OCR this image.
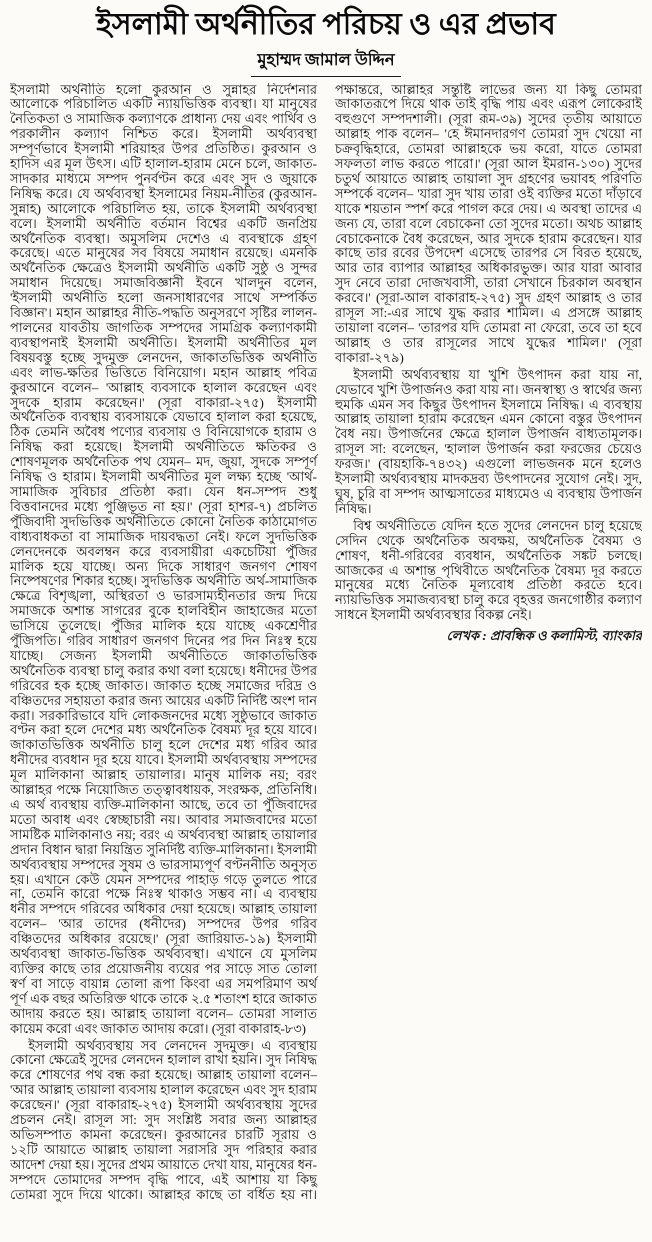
ইসলামী অর্থনীতির পরিচয় ও এর প্রভাব
মুহাম্মদ জামাল উদ্দিন

ইসলামী অর্থনীতি হলো কুরআন ও সুন্নাহর নির্দেশনার আলোকে পরিচালিত একটি ন্যায়ভিত্তিক ব্যবস্থা। যা মানুষের নৈতিকতা ও সামাজিক কল্যাণকে প্রাধান্য দেয় এবং পার্থিব ও পরকালীন কল্যাণ নিশ্চিত করে। ইসলামী অর্থব্যবস্থা সম্পূর্ণভাবে ইসলামী শরিয়াহর উপর প্রতিষ্ঠিত। কুরআন ও হাদিস এর মূল উৎস। এটি হালাল-হারাম মেনে চলে, জাকাত-সাদকার মাধ্যমে সম্পদ পুনর্বণ্টন করে এবং সুদ ও জুয়াকে নিষিদ্ধ করে। যে অর্থব্যবস্থা ইসলামের নিয়ম-নীতির (কুরআন-সুন্নাহ) আলোকে পরিচালিত হয়, তাকে ইসলামী অর্থব্যবস্থা বলে। ইসলামী অর্থনীতি বর্তমান বিশ্বের একটি জনপ্রিয় অর্থনৈতিক ব্যবস্থা। অমুসলিম দেশেও এ ব্যবস্থাকে গ্রহণ করেছে। এতে মানুষের সব বিষয়ে সমাধান রয়েছে। এমনকি অর্থনৈতিক ক্ষেত্রেও ইসলামী অর্থনীতি একটি সুষ্ঠু ও সুন্দর সমাধান দিয়েছে। সমাজবিজ্ঞানী ইবনে খালদুন বলেন, 'ইসলামী অর্থনীতি হলো জনসাধারণের সাথে সম্পর্কিত বিজ্ঞান'। মহান আল্লাহর নীতি-পদ্ধতি অনুসরণে সৃষ্টির লালন-পালনের যাবতীয় জাগতিক সম্পদের সামগ্রিক কল্যাণকামী ব্যবস্থাপনাই ইসলামী অর্থনীতি। ইসলামী অর্থনীতির মূল বিষয়বস্তু হচ্ছে সুদমুক্ত লেনদেন, জাকাতভিত্তিক অর্থনীতি এবং লাভ-ক্ষতির ভিত্তিতে বিনিয়োগ। মহান আল্লাহ পবিত্র কুরআনে বলেন– 'আল্লাহ ব্যবসাকে হালাল করেছেন এবং সুদকে হারাম করেছেন।' (সূরা বাকারা-২৭৫) ইসলামী অর্থনৈতিক ব্যবস্থায় ব্যবসায়কে যেভাবে হালাল করা হয়েছে, ঠিক তেমনি অবৈধ পণ্যের ব্যবসায় ও বিনিয়োগকে হারাম ও নিষিদ্ধ করা হয়েছে। ইসলামী অর্থনীতিতে ক্ষতিকর ও শোষণমূলক অর্থনৈতিক পথ যেমন– মদ, জুয়া, সুদকে সম্পূর্ণ নিষিদ্ধ ও হারাম। ইসলামী অর্থনীতির মূল লক্ষ্য হচ্ছে 'আর্থ-সামাজিক সুবিচার প্রতিষ্ঠা করা। যেন ধন-সম্পদ শুধু বিত্তবানদের মধ্যে পুঞ্জিভূত না হয়।' (সূরা হাশর-৭) প্রচলিত পুঁজিবাদী সুদভিত্তিক অর্থনীতিতে কোনো নৈতিক কাঠামোগত বাধ্যবাধকতা বা সামাজিক দায়বদ্ধতা নেই। ফলে সুদভিত্তিক লেনদেনকে অবলম্বন করে ব্যবসায়ীরা একচেটিয়া পুঁজির মালিক হয়ে যাচ্ছে। অন্য দিকে সাধারণ জনগণ শোষণ নিষ্পেষণের শিকার হচ্ছে। সুদভিত্তিক অর্থনীতি অর্থ-সামাজিক ক্ষেত্রে বিশৃঙ্খলা, অস্থিরতা ও ভারসাম্যহীনতার জন্ম দিয়ে সমাজকে অশান্ত সাগরের বুকে হালবিহীন জাহাজের মতো ভাসিয়ে তুলেছে। পুঁজির মালিক হয়ে যাচ্ছে একশ্রেণীর পুঁজিপতি। গরিব সাধারণ জনগণ দিনের পর দিন নিঃস্ব হয়ে যাচ্ছে। সেজন্য ইসলামী অর্থনীতিতে জাকাতভিত্তিক অর্থনৈতিক ব্যবস্থা চালু করার কথা বলা হয়েছে। ধনীদের উপর গরিবের হক হচ্ছে জাকাত। জাকাত হচ্ছে সমাজের দরিদ্র ও বঞ্চিতদের সহায়তা করার জন্য আয়ের একটি নির্দিষ্ট অংশ দান করা। সরকারিভাবে যদি লোকজনদের মধ্যে সুষ্ঠুভাবে জাকাত বণ্টন করা হলে দেশের মধ্য অর্থনৈতিক বৈষম্য দূর হয়ে যাবে। জাকাতভিত্তিক অর্থনীতি চালু হলে দেশের মধ্য গরিব আর ধনীদের ব্যবধান দূর হয়ে যাবে। ইসলামী অর্থব্যবস্থায় সম্পদের মূল মালিকানা আল্লাহ তায়ালার। মানুষ মালিক নয়; বরং আল্লাহর পক্ষে নিয়োজিত তত্ত্বাবধায়ক, সংরক্ষক, প্রতিনিধি। এ অর্থ ব্যবস্থায় ব্যক্তি-মালিকানা আছে, তবে তা পুঁজিবাদের মতো অবাধ এবং স্বেচ্ছাচারী নয়। আবার সমাজবাদের মতো সামষ্টিক মালিকানাও নয়; বরং এ অর্থব্যবস্থা আল্লাহ তায়ালার প্রদান বিধান দ্বারা নিয়ন্ত্রিত সুনির্দিষ্ট ব্যক্তি-মালিকানা। ইসলামী অর্থব্যবস্থায় সম্পদের সুষম ও ভারসাম্যপূর্ণ বণ্টননীতি অনুসৃত হয়। এখানে কেউ যেমন সম্পদের পাহাড় গড়ে তুলতে পারে না, তেমনি কারো পক্ষে নিঃস্ব থাকাও সম্ভব না। এ ব্যবস্থায় ধনীর সম্পদে গরিবের অধিকার দেয়া হয়েছে। আল্লাহ তায়ালা বলেন– 'আর তাদের (ধনীদের) সম্পদের উপর গরিব বঞ্চিতদের অধিকার রয়েছে।' (সূরা জারিয়াত-১৯) ইসলামী অর্থব্যবস্থা জাকাত-ভিত্তিক অর্থব্যবস্থা। এখানে যে মুসলিম ব্যক্তির কাছে তার প্রয়োজনীয় ব্যয়ের পর সাড়ে সাত তোলা স্বর্ণ বা সাড়ে বায়ান্ন তোলা রূপা কিংবা এর সমপরিমাণ অর্থ পূর্ণ এক বছর অতিরিক্ত থাকে তাকে ২.৫ শতাংশ হারে জাকাত আদায় করতে হয়। আল্লাহ তায়ালা বলেন– তোমরা সালাত কায়েম করো এবং জাকাত আদায় করো। (সূরা বাকারাহ-৮৩)

ইসলামী অর্থব্যবস্থায় সব লেনদেন সুদমুক্ত। এ ব্যবস্থায় কোনো ক্ষেত্রেই সুদের লেনদেন হালাল রাখা হয়নি। সুদ নিষিদ্ধ করে শোষণের পথ বন্ধ করা হয়েছে। আল্লাহ তায়ালা বলেন– 'আর আল্লাহ তায়ালা ব্যবসায় হালাল করেছেন এবং সুদ হারাম করেছেন।' (সূরা বাকারাহ-২৭৫) ইসলামী অর্থব্যবস্থায় সুদের প্রচলন নেই। রাসূল সা: সুদ সংশ্লিষ্ট সবার জন্য আল্লাহর অভিসম্পাত কামনা করেছেন। কুরআনের চারটি সূরায় ও ১২টি আয়াতে আল্লাহ তায়ালা সরাসরি সুদ পরিহার করার আদেশ দেয়া হয়। সুদের প্রথম আয়াতে দেখা যায়, মানুষের ধন-সম্পদে তোমাদের সম্পদ বৃদ্ধি পাবে, এই আশায় যা কিছু তোমরা সুদে দিয়ে থাকো। আল্লাহর কাছে তা বর্ধিত হয় না। পক্ষান্তরে, আল্লাহর সন্তুষ্টি লাভের জন্য যা কিছু তোমরা জাকাতরূপে দিয়ে থাক তাই বৃদ্ধি পায় এবং এরূপ লোকেরাই বহুগুণে সম্পদশালী। (সূরা রূম-৩৯) সুদের তৃতীয় আয়াতে আল্লাহ পাক বলেন– 'হে ঈমানদারগণ তোমরা সুদ খেয়ো না চক্রবৃদ্ধিহারে, তোমরা আল্লাহকে ভয় করো, যাতে তোমরা সফলতা লাভ করতে পারো।' (সূরা আল ইমরান-১৩০) সুদের চতুর্থ আয়াতে আল্লাহ তায়ালা সুদ গ্রহণের ভয়াবহ পরিণতি সম্পর্কে বলেন– 'যারা সুদ খায় তারা ওই ব্যক্তির মতো দাঁড়াবে যাকে শয়তান স্পর্শ করে পাগল করে দেয়। এ অবস্থা তাদের এ জন্য যে, তারা বলে বেচাকেনা তো সুদের মতো। অথচ আল্লাহ বেচাকেনাকে বৈধ করেছেন, আর সুদকে হারাম করেছেন। যার কাছে তার রবের উপদেশ এসেছে তারপর সে বিরত হয়েছে, আর তার ব্যাপার আল্লাহর অধিকারভুক্ত। আর যারা আবার সুদ নেবে তারা দোজখবাসী, তারা সেখানে চিরকাল অবস্থান করবে।' (সূরা-আল বাকারাহ-২৭৫) সুদ গ্রহণ আল্লাহ ও তার রাসূল সা:-এর সাথে যুদ্ধ করার শামিল। এ প্রসঙ্গে আল্লাহ তায়ালা বলেন– 'তারপর যদি তোমরা না ফেরো, তবে তা হবে আল্লাহ ও তার রাসূলের সাথে যুদ্ধের শামিল।' (সূরা বাকারা-২৭৯)

ইসলামী অর্থব্যবস্থায় যা খুশি উৎপাদন করা যায় না, যেভাবে খুশি উপার্জনও করা যায় না। জনস্বাস্থ্য ও স্বার্থের জন্য হুমকি এমন সব কিছুর উৎপাদন ইসলামে নিষিদ্ধ। এ ব্যবস্থায় আল্লাহ তায়ালা হারাম করেছেন এমন কোনো বস্তুর উৎপাদন বৈধ নয়। উপার্জনের ক্ষেত্রে হালাল উপার্জন বাধ্যতামূলক। রাসূল সা: বলেছেন, 'হালাল উপার্জন করা ফরজের চেয়েও ফরজ।' (বায়হাকি-৭৪৩২) এগুলো লাভজনক মনে হলেও ইসলামী অর্থব্যবস্থায় মাদকদ্রব্য উৎপাদনের সুযোগ নেই। সুদ, ঘুষ, চুরি বা সম্পদ আত্মসাতের মাধ্যমেও এ ব্যবস্থায় উপার্জন নিষিদ্ধ।

বিশ্ব অর্থনীতিতে যেদিন হতে সুদের লেনদেন চালু হয়েছে সেদিন থেকে অর্থনৈতিক অবক্ষয়, অর্থনৈতিক বৈষম্য ও শোষণ, ধনী-গরিবের ব্যবধান, অর্থনৈতিক সঙ্কট চলছে। আজকের এ অশান্ত পৃথিবীতে অর্থনৈতিক বৈষম্য দূর করতে মানুষের মধ্যে নৈতিক মূল্যবোধ প্রতিষ্ঠা করতে হবে। ন্যায়ভিত্তিক সমাজব্যবস্থা চালু করে বৃহত্তর জনগোষ্ঠীর কল্যাণ সাধনে ইসলামী অর্থব্যবস্থার বিকল্প নেই।

লেখক : প্রাবন্ধিক ও কলামিস্ট, ব্যাংকার
